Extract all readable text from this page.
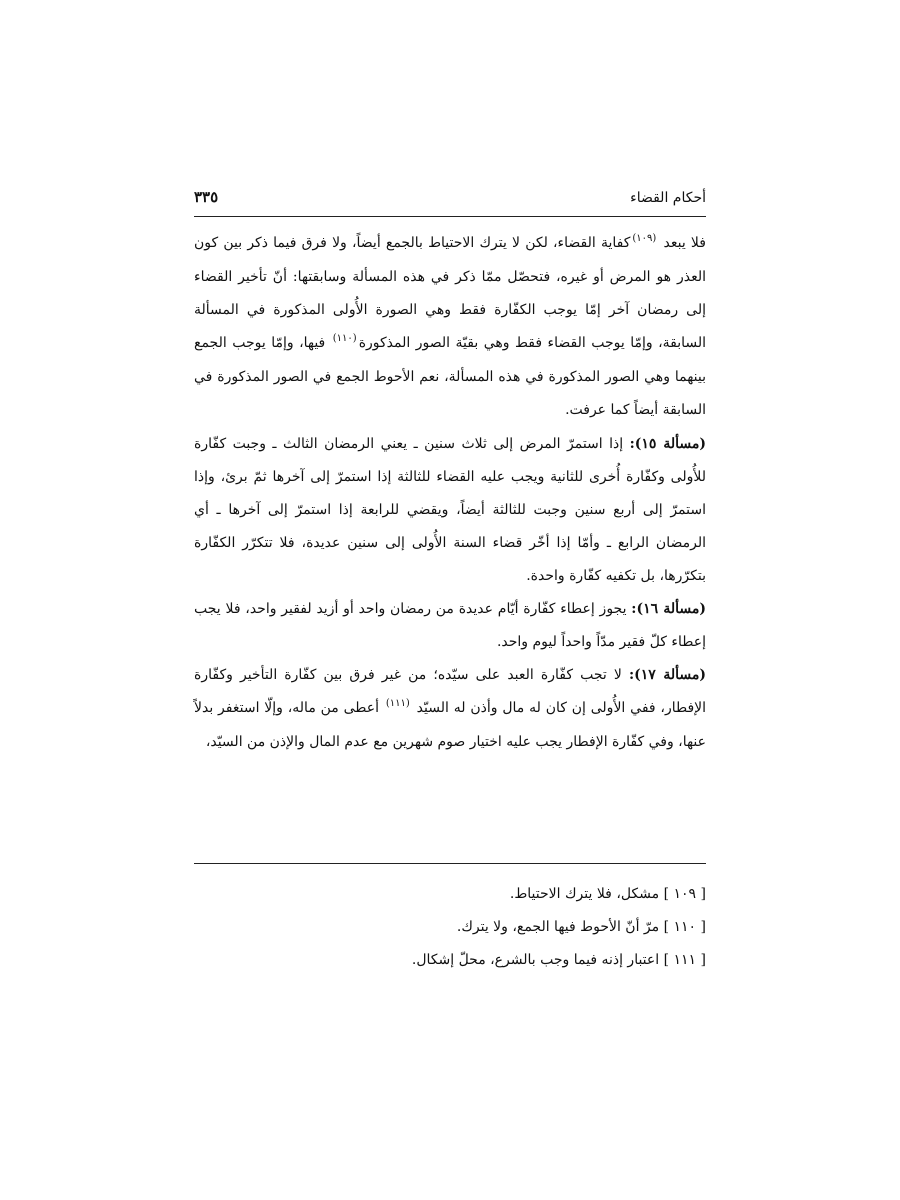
أحكام القضاء
٣٣٥

فلا يبعد $^{(١٠٩)}$كفاية القضاء، لكن لا يترك الاحتياط بالجمع أيضاً، ولا فرق فيما ذكر بين كون العذر هو المرض أو غيره، فتحصّل ممّا ذكر في هذه المسألة وسابقتها: أنّ تأخير القضاء إلى رمضان آخر إمّا يوجب الكفّارة فقط وهي الصورة الأُولى المذكورة في المسألة السابقة، وإمّا يوجب القضاء فقط وهي بقيّة الصور المذكورة$^{(١١٠)}$ فيها، وإمّا يوجب الجمع بينهما وهي الصور المذكورة في هذه المسألة، نعم الأحوط الجمع في الصور المذكورة في السابقة أيضاً كما عرفت.

(مسألة ١٥): إذا استمرّ المرض إلى ثلاث سنين ـ يعني الرمضان الثالث ـ وجبت كفّارة للأُولى وكفّارة أُخرى للثانية ويجب عليه القضاء للثالثة إذا استمرّ إلى آخرها ثمّ برئ، وإذا استمرّ إلى أربع سنين وجبت للثالثة أيضاً، ويقضي للرابعة إذا استمرّ إلى آخرها ـ أي الرمضان الرابع ـ وأمّا إذا أخّر قضاء السنة الأُولى إلى سنين عديدة، فلا تتكرّر الكفّارة بتكرّرها، بل تكفيه كفّارة واحدة.

(مسألة ١٦): يجوز إعطاء كفّارة أيّام عديدة من رمضان واحد أو أزيد لفقير واحد، فلا يجب إعطاء كلّ فقير مدّاً واحداً ليوم واحد.

(مسألة ١٧): لا تجب كفّارة العبد على سيّده؛ من غير فرق بين كفّارة التأخير وكفّارة الإفطار، ففي الأُولى إن كان له مال وأذن له السيّد $^{(١١١)}$ أعطى من ماله، وإلّا استغفر بدلاً عنها، وفي كفّارة الإفطار يجب عليه اختيار صوم شهرين مع عدم المال والإذن من السيّد،

[ ١٠٩ ] مشكل، فلا يترك الاحتياط.
[ ١١٠ ] مرّ أنّ الأحوط فيها الجمع، ولا يترك.
[ ١١١ ] اعتبار إذنه فيما وجب بالشرع، محلّ إشكال.
